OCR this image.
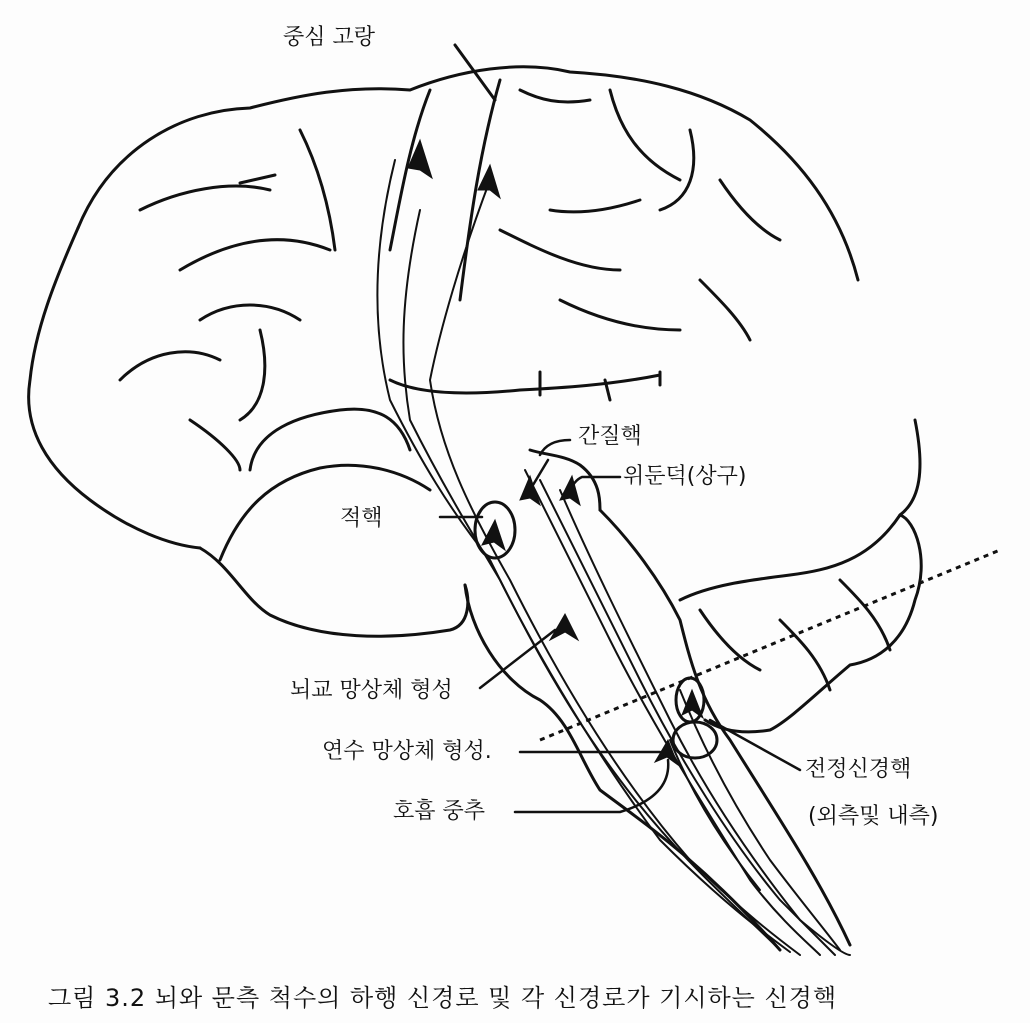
중심 고랑
간질핵
위둔덕(상구)
적핵
뇌교 망상체 형성
연수 망상체 형성.
호흡 중추
전정신경핵
(외측및 내측)
그림 3.2 뇌와 문측 척수의 하행 신경로 및 각 신경로가 기시하는 신경핵
